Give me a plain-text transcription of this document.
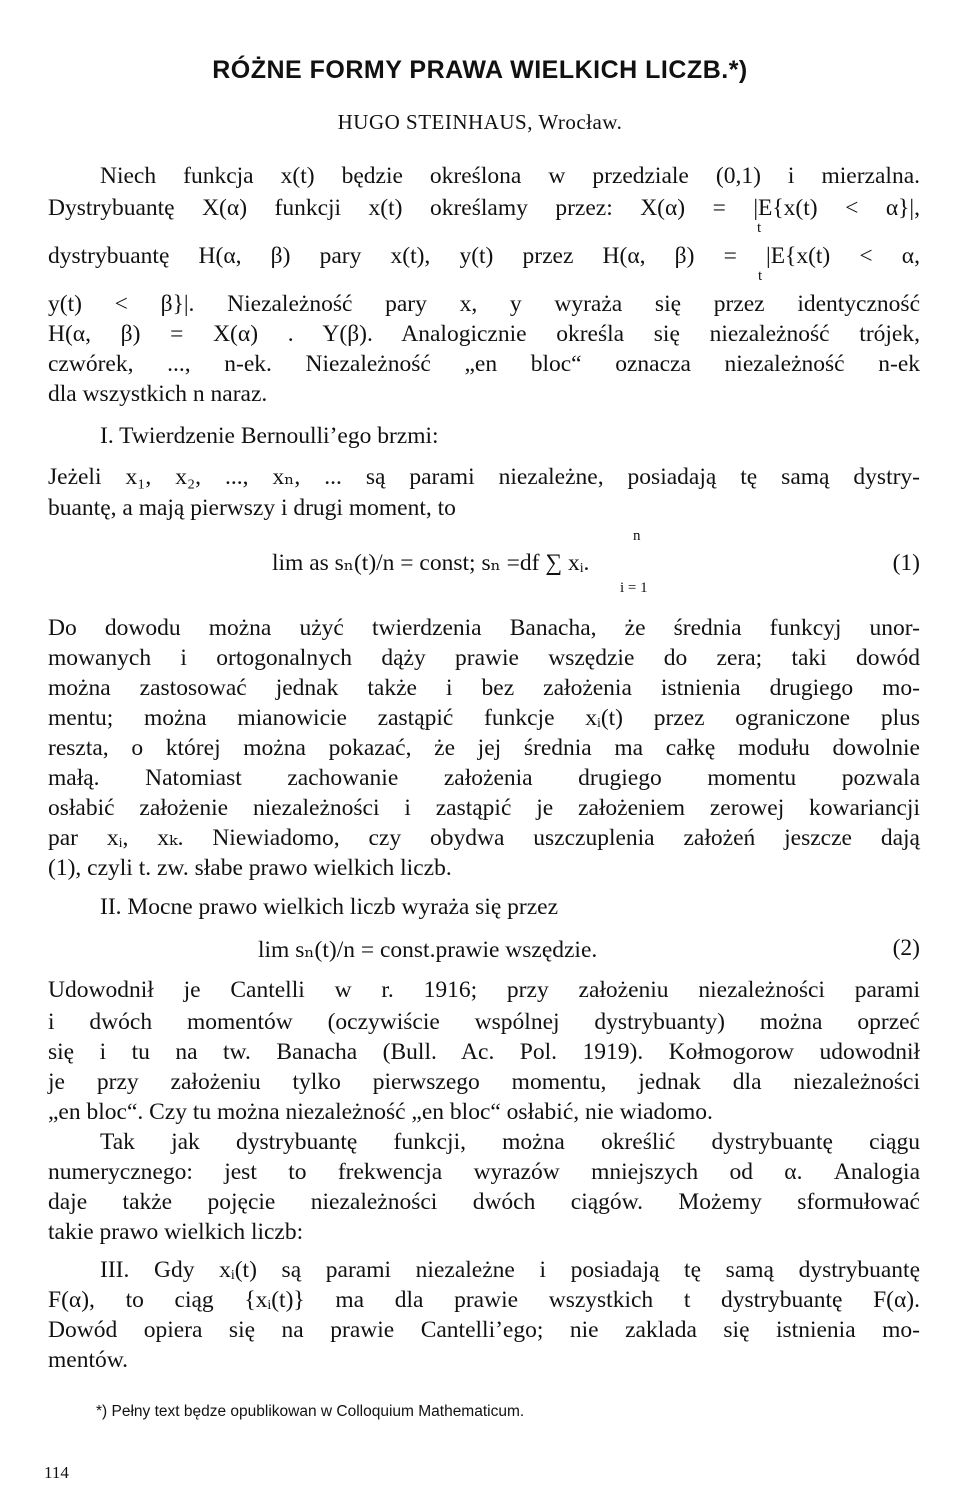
RÓŻNE FORMY PRAWA WIELKICH LICZB.*)
HUGO STEINHAUS, Wrocław.
Niech funkcja x(t) będzie określona w przedziale (0,1) i mierzalna.
Dystrybuantę X(α) funkcji x(t) określamy przez: X(α) = |E{x(t) < α}|,
t
dystrybuantę H(α, β) pary x(t), y(t) przez H(α, β) = |E{x(t) < α,
t
y(t) < β}|. Niezależność pary x, y wyraża się przez identyczność
H(α, β) = X(α) . Y(β). Analogicznie określa się niezależność trójek,
czwórek, ..., n-ek. Niezależność „en bloc“ oznacza niezależność n-ek
dla wszystkich n naraz.
I. Twierdzenie Bernoulli’ego brzmi:
Jeżeli x₁, x₂, ..., xₙ, ... są parami niezależne, posiadają tę samą dystry-
buantę, a mają pierwszy i drugi moment, to
n
lim as sₙ(t)/n = const; sₙ =df ∑ xᵢ.
i = 1
(1)
Do dowodu można użyć twierdzenia Banacha, że średnia funkcyj unor-
mowanych i ortogonalnych dąży prawie wszędzie do zera; taki dowód
można zastosować jednak także i bez założenia istnienia drugiego mo-
mentu; można mianowicie zastąpić funkcje xᵢ(t) przez ograniczone plus
reszta, o której można pokazać, że jej średnia ma całkę modułu dowolnie
małą. Natomiast zachowanie założenia drugiego momentu pozwala
osłabić założenie niezależności i zastąpić je założeniem zerowej kowariancji
par xᵢ, xₖ. Niewiadomo, czy obydwa uszczuplenia założeń jeszcze dają
(1), czyli t. zw. słabe prawo wielkich liczb.
II. Mocne prawo wielkich liczb wyraża się przez
lim sₙ(t)/n = const.prawie wszędzie.	(2)
Udowodnił je Cantelli w r. 1916; przy założeniu niezależności parami
i dwóch momentów (oczywiście wspólnej dystrybuanty) można oprzeć
się i tu na tw. Banacha (Bull. Ac. Pol. 1919). Kołmogorow udowodnił
je przy założeniu tylko pierwszego momentu, jednak dla niezależności
„en bloc“. Czy tu można niezależność „en bloc“ osłabić, nie wiadomo.
Tak jak dystrybuantę funkcji, można określić dystrybuantę ciągu
numerycznego: jest to frekwencja wyrazów mniejszych od α. Analogia
daje także pojęcie niezależności dwóch ciągów. Możemy sformułować
takie prawo wielkich liczb:
III. Gdy xᵢ(t) są parami niezależne i posiadają tę samą dystrybuantę
F(α), to ciąg {xᵢ(t)} ma dla prawie wszystkich t dystrybuantę F(α).
Dowód opiera się na prawie Cantelli’ego; nie zaklada się istnienia mo-
mentów.
*) Pełny text będze opublikowan w Colloquium Mathematicum.
114
